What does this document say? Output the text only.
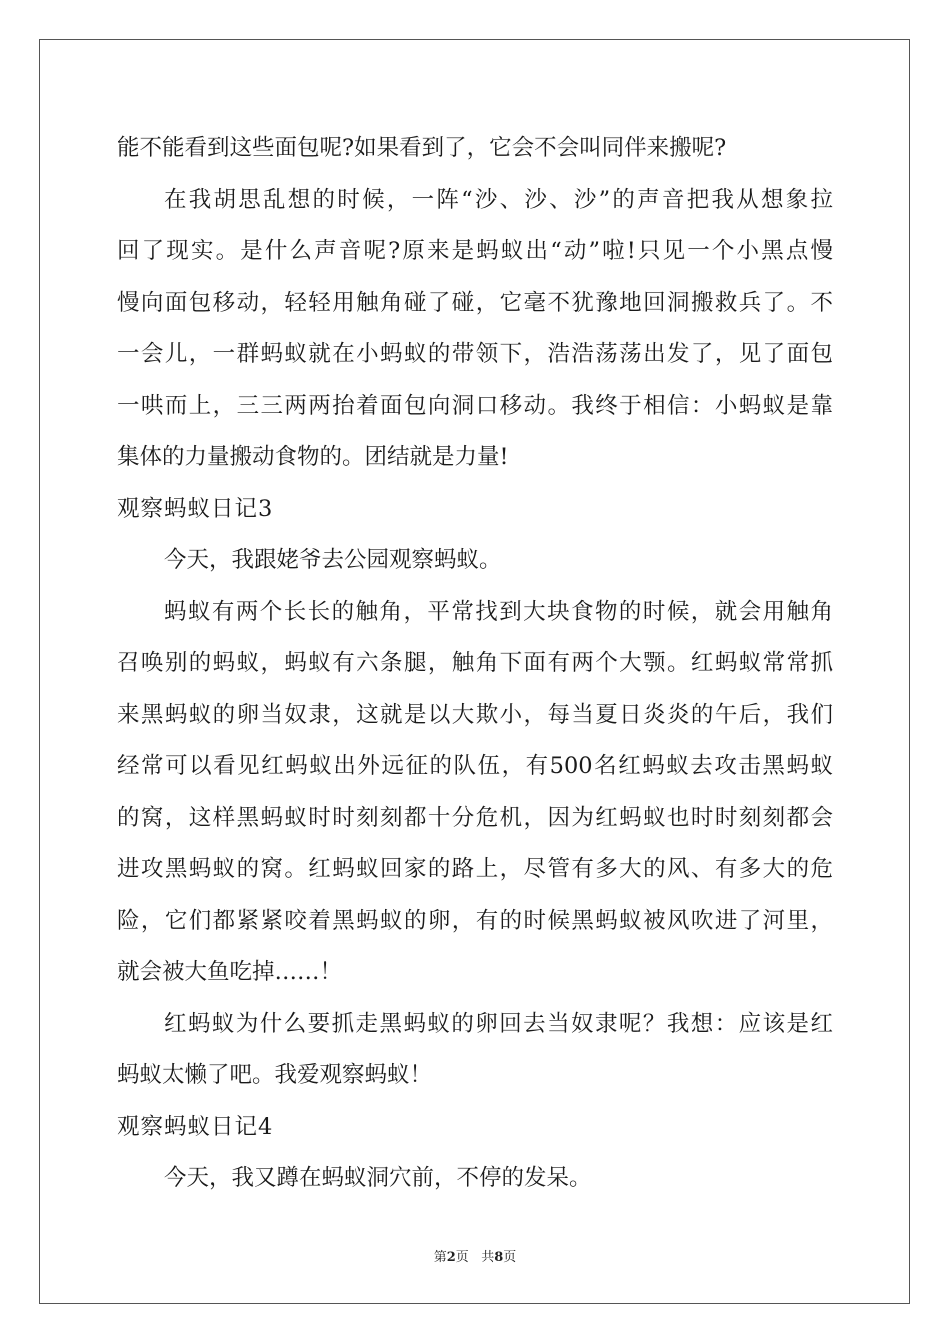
能不能看到这些面包呢?如果看到了，它会不会叫同伴来搬呢?
在我胡思乱想的时候，一阵“沙、沙、沙”的声音把我从想象拉
回了现实。是什么声音呢?原来是蚂蚁出“动”啦!只见一个小黑点慢
慢向面包移动，轻轻用触角碰了碰，它毫不犹豫地回洞搬救兵了。不
一会儿，一群蚂蚁就在小蚂蚁的带领下，浩浩荡荡出发了，见了面包
一哄而上，三三两两抬着面包向洞口移动。我终于相信：小蚂蚁是靠
集体的力量搬动食物的。团结就是力量!
观察蚂蚁日记3
今天，我跟姥爷去公园观察蚂蚁。
蚂蚁有两个长长的触角，平常找到大块食物的时候，就会用触角
召唤别的蚂蚁，蚂蚁有六条腿，触角下面有两个大颚。红蚂蚁常常抓
来黑蚂蚁的卵当奴隶，这就是以大欺小，每当夏日炎炎的午后，我们
经常可以看见红蚂蚁出外远征的队伍，有500名红蚂蚁去攻击黑蚂蚁
的窝，这样黑蚂蚁时时刻刻都十分危机，因为红蚂蚁也时时刻刻都会
进攻黑蚂蚁的窝。红蚂蚁回家的路上，尽管有多大的风、有多大的危
险，它们都紧紧咬着黑蚂蚁的卵，有的时候黑蚂蚁被风吹进了河里，
就会被大鱼吃掉……！
红蚂蚁为什么要抓走黑蚂蚁的卵回去当奴隶呢？我想：应该是红
蚂蚁太懒了吧。我爱观察蚂蚁！
观察蚂蚁日记4
今天，我又蹲在蚂蚁洞穴前，不停的发呆。
第2页 共8页
